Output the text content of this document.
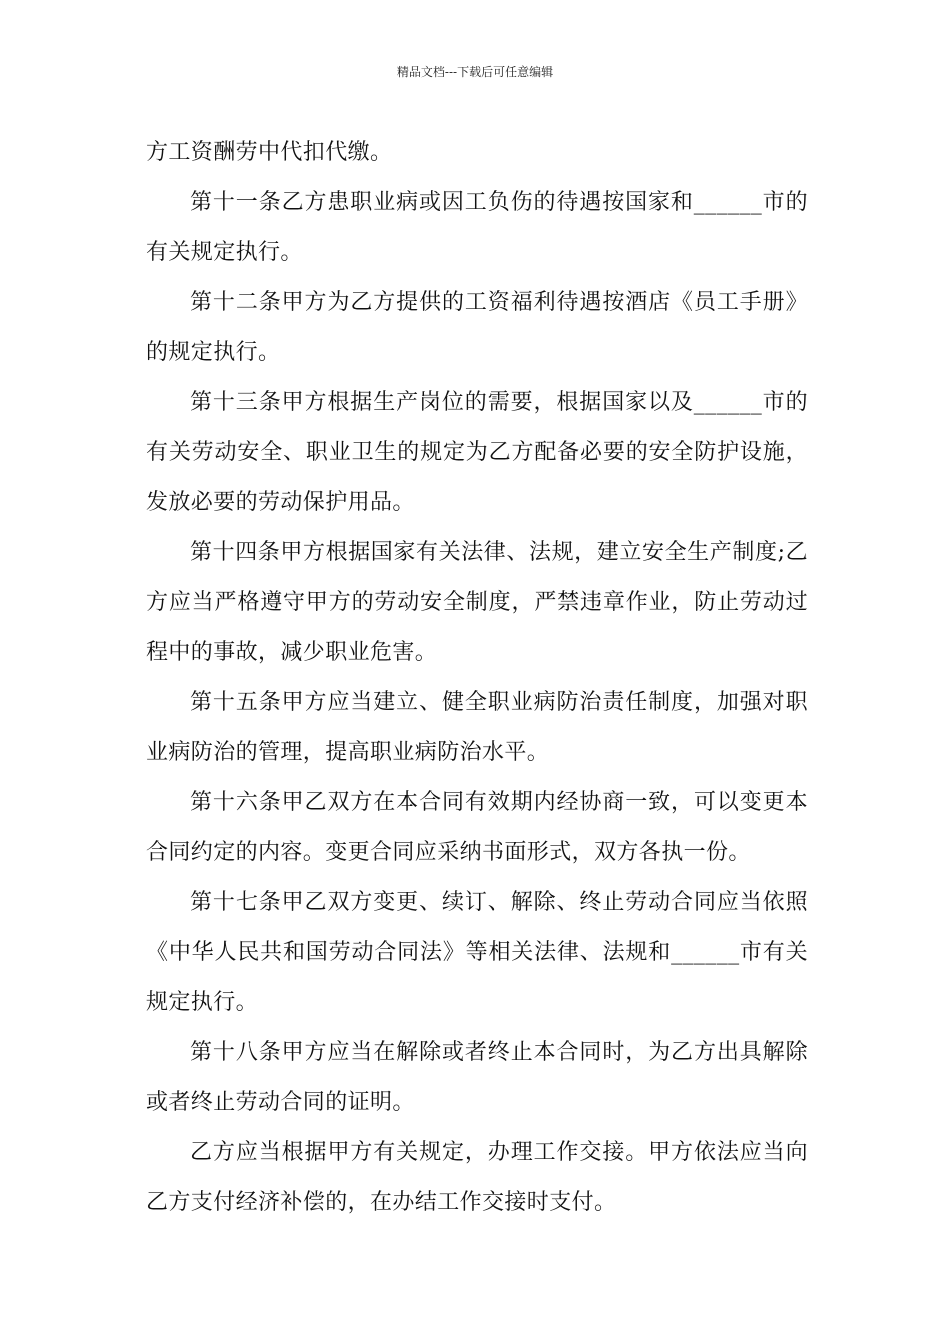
精品文档---下载后可任意编辑

方工资酬劳中代扣代缴。

第十一条乙方患职业病或因工负伤的待遇按国家和______市的有关规定执行。

第十二条甲方为乙方提供的工资福利待遇按酒店《员工手册》的规定执行。

第十三条甲方根据生产岗位的需要，根据国家以及______市的有关劳动安全、职业卫生的规定为乙方配备必要的安全防护设施，发放必要的劳动保护用品。

第十四条甲方根据国家有关法律、法规，建立安全生产制度;乙方应当严格遵守甲方的劳动安全制度，严禁违章作业，防止劳动过程中的事故，减少职业危害。

第十五条甲方应当建立、健全职业病防治责任制度，加强对职业病防治的管理，提高职业病防治水平。

第十六条甲乙双方在本合同有效期内经协商一致，可以变更本合同约定的内容。变更合同应采纳书面形式，双方各执一份。

第十七条甲乙双方变更、续订、解除、终止劳动合同应当依照《中华人民共和国劳动合同法》等相关法律、法规和______市有关规定执行。

第十八条甲方应当在解除或者终止本合同时，为乙方出具解除或者终止劳动合同的证明。

乙方应当根据甲方有关规定，办理工作交接。甲方依法应当向乙方支付经济补偿的，在办结工作交接时支付。
